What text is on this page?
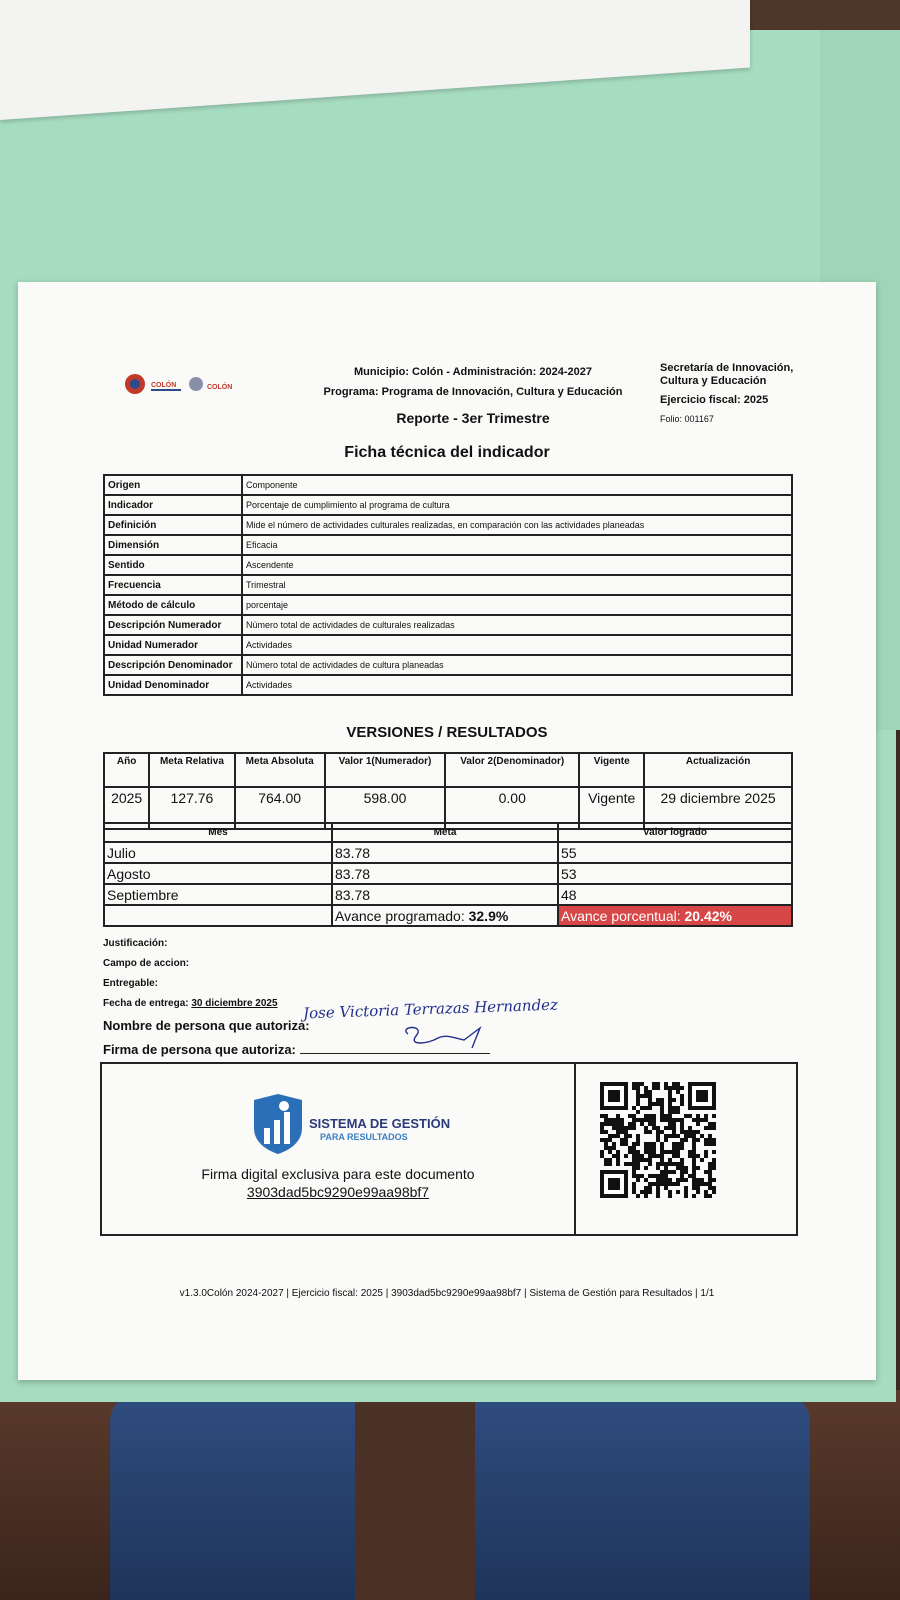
COLÓN	COLÓN
Municipio: Colón - Administración: 2024-2027
Programa: Programa de Innovación, Cultura y Educación
Reporte - 3er Trimestre
Secretaría de Innovación,
Cultura y Educación
Ejercicio fiscal: 2025
Folio: 001167
Ficha técnica del indicador
Origen	Componente
Indicador	Porcentaje de cumplimiento al programa de cultura
Definición	Mide el número de actividades culturales realizadas, en comparación con las actividades planeadas
Dimensión	Eficacia
Sentido	Ascendente
Frecuencia	Trimestral
Método de cálculo	porcentaje
Descripción Numerador	Número total de actividades de culturales realizadas
Unidad Numerador	Actividades
Descripción Denominador	Número total de actividades de cultura planeadas
Unidad Denominador	Actividades
VERSIONES / RESULTADOS
Año	Meta Relativa	Meta Absoluta	Valor 1(Numerador)	Valor 2(Denominador)	Vigente	Actualización
2025	127.76	764.00	598.00	0.00	Vigente	29 diciembre 2025
Mes	Meta	Valor logrado
Julio	83.78	55
Agosto	83.78	53
Septiembre	83.78	48
	Avance programado: 32.9%	Avance porcentual: 20.42%
Justificación:
Campo de accion:
Entregable:
Fecha de entrega: 30 diciembre 2025
Nombre de persona que autoriza:
Firma de persona que autoriza:
Jose Victoria Terrazas Hernandez
SISTEMA DE GESTIÓN
PARA RESULTADOS
Firma digital exclusiva para este documento
3903dad5bc9290e99aa98bf7
v1.3.0Colón 2024-2027 | Ejercicio fiscal: 2025 | 3903dad5bc9290e99aa98bf7 | Sistema de Gestión para Resultados | 1/1
